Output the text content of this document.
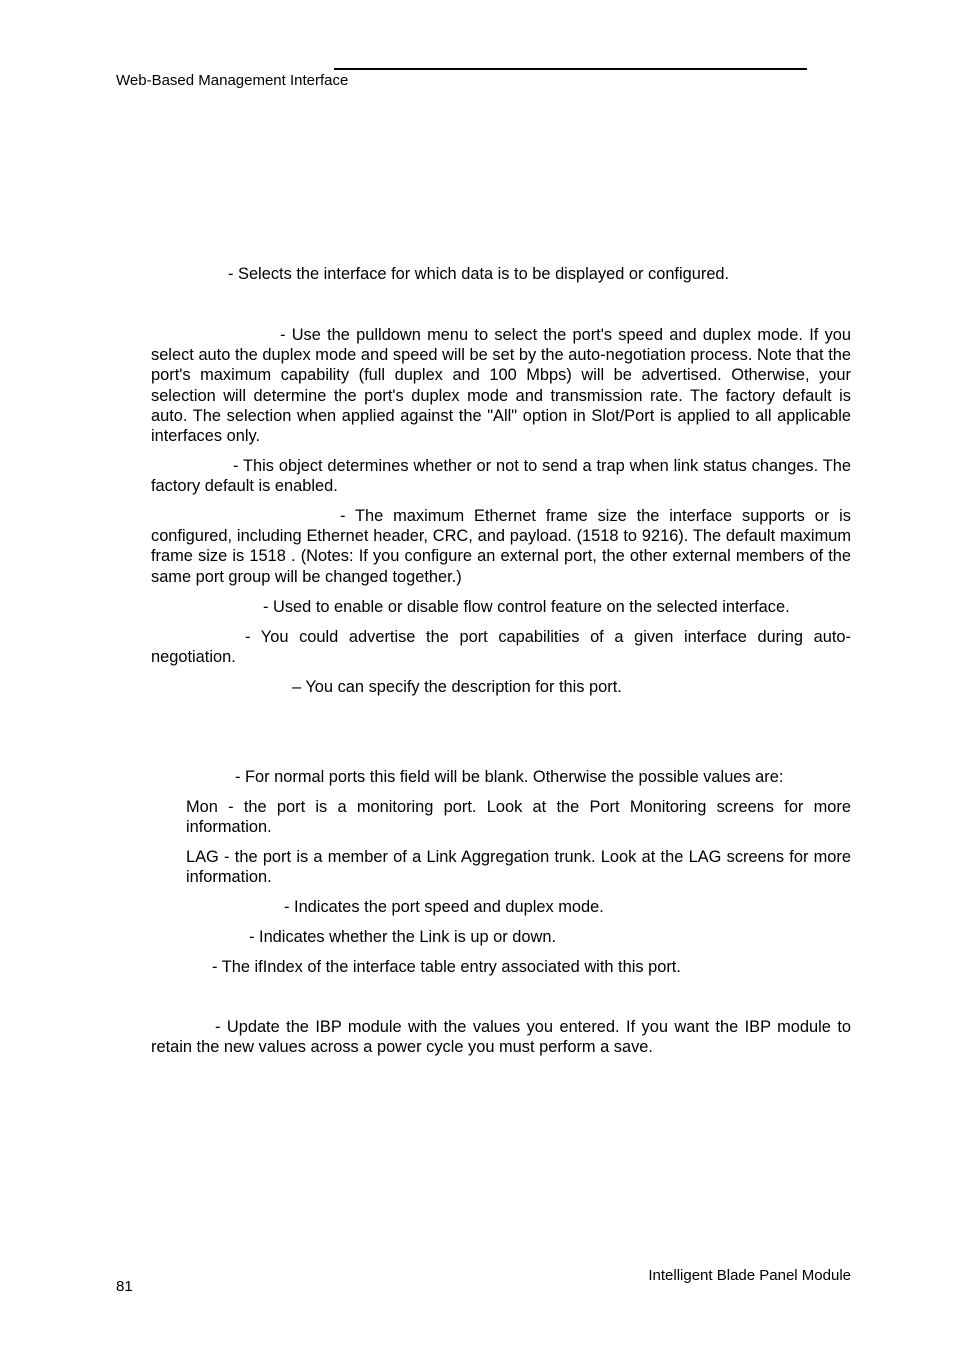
Web-Based Management Interface
- Selects the interface for which data is to be displayed or configured.
- Use the pulldown menu to select the port's speed and duplex mode. If you select auto the duplex mode and speed will be set by the auto-negotiation process. Note that the port's maximum capability (full duplex and 100 Mbps) will be advertised. Otherwise, your selection will determine the port's duplex mode and transmission rate. The factory default is auto. The selection when applied against the "All" option in Slot/Port is applied to all applicable interfaces only.
- This object determines whether or not to send a trap when link status changes. The factory default is enabled.
- The maximum Ethernet frame size the interface supports or is configured, including Ethernet header, CRC, and payload. (1518 to 9216). The default maximum frame size is 1518 . (Notes: If you configure an external port, the other external members of the same port group will be changed together.)
- Used to enable or disable flow control feature on the selected interface.
- You could advertise the port capabilities of a given interface during auto-negotiation.
– You can specify the description for this port.
- For normal ports this field will be blank. Otherwise the possible values are:
Mon - the port is a monitoring port. Look at the Port Monitoring screens for more information.
LAG - the port is a member of a Link Aggregation trunk. Look at the LAG screens for more information.
- Indicates the port speed and duplex mode.
- Indicates whether the Link is up or down.
- The ifIndex of the interface table entry associated with this port.
- Update the IBP module with the values you entered. If you want the IBP module to retain the new values across a power cycle you must perform a save.
81
Intelligent Blade Panel Module
